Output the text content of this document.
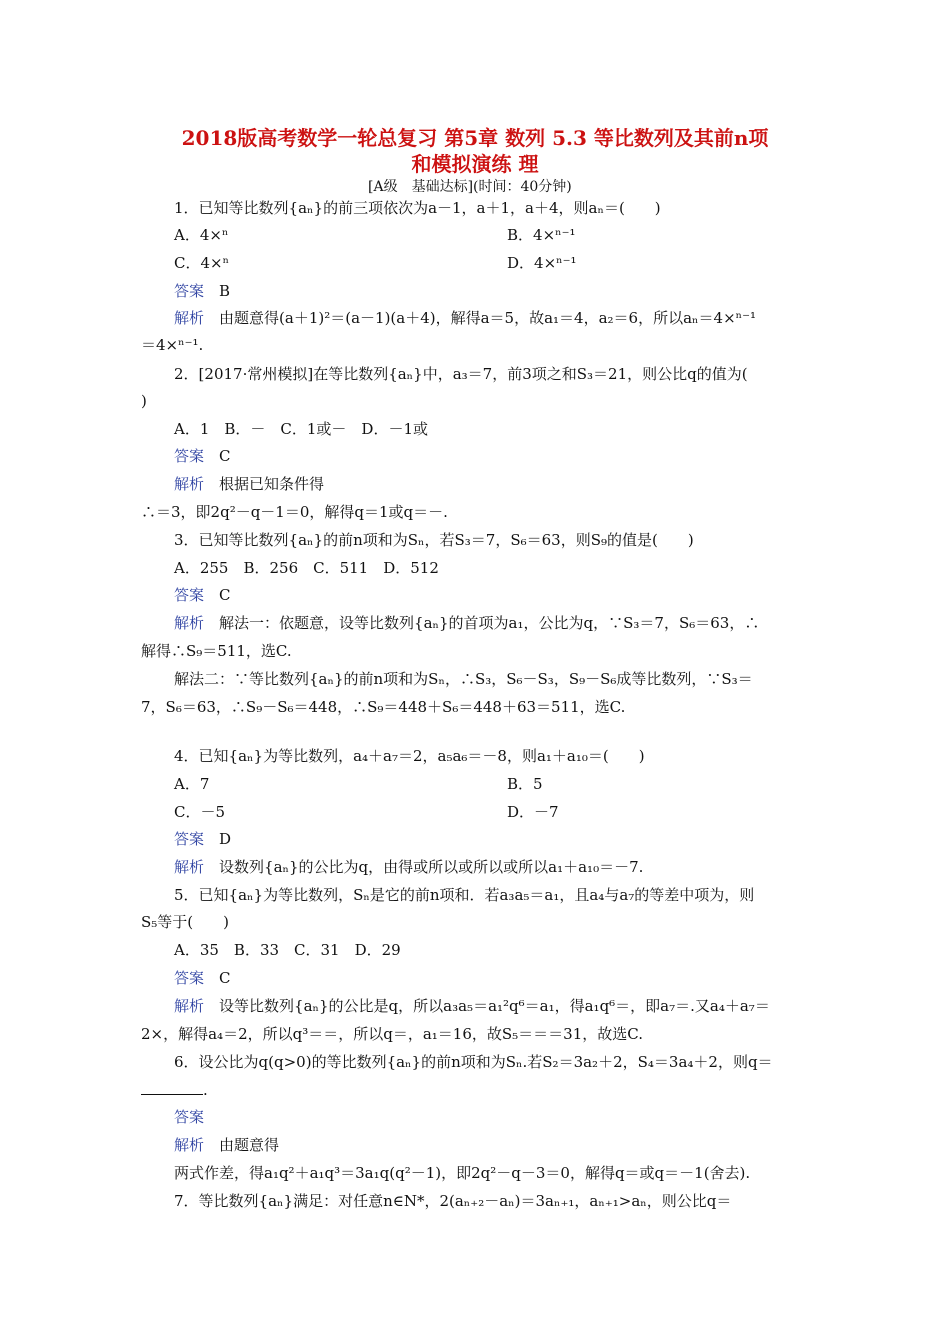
2018版高考数学一轮总复习 第5章 数列 5.3 等比数列及其前n项
和模拟演练 理
[A级　基础达标](时间：40分钟)
1．已知等比数列{aₙ}的前三项依次为a－1，a＋1，a＋4，则aₙ＝(　　)
A．4×ⁿ	B．4×ⁿ⁻¹
C．4×ⁿ	D．4×ⁿ⁻¹
答案　 B
解析　 由题意得(a＋1)²＝(a－1)(a＋4)，解得a＝5，故a₁＝4，a₂＝6，所以aₙ＝4×ⁿ⁻¹
＝4×ⁿ⁻¹.
2．[2017·常州模拟]在等比数列{aₙ}中，a₃＝7，前3项之和S₃＝21，则公比q的值为(
)
A．1　B．－　C．1或－　D．－1或
答案　 C
解析　 根据已知条件得
∴＝3，即2q²－q－1＝0，解得q＝1或q＝－.
3．已知等比数列{aₙ}的前n项和为Sₙ，若S₃＝7，S₆＝63，则S₉的值是(　　)
A．255　B．256　C．511　D．512
答案　 C
解析　 解法一：依题意，设等比数列{aₙ}的首项为a₁，公比为q，∵S₃＝7，S₆＝63，∴
解得∴S₉＝511，选C.
解法二：∵等比数列{aₙ}的前n项和为Sₙ，∴S₃，S₆－S₃，S₉－S₆成等比数列，∵S₃＝
7，S₆＝63，∴S₉－S₆＝448，∴S₉＝448＋S₆＝448＋63＝511，选C.
4．已知{aₙ}为等比数列，a₄＋a₇＝2，a₅a₆＝－8，则a₁＋a₁₀＝(　　)
A．7	B．5
C．－5	D．－7
答案　 D
解析　 设数列{aₙ}的公比为q，由得或所以或所以或所以a₁＋a₁₀＝－7.
5．已知{aₙ}为等比数列，Sₙ是它的前n项和．若a₃a₅＝a₁，且a₄与a₇的等差中项为，则
S₅等于(　　)
A．35　B．33　C．31　D．29
答案　 C
解析　 设等比数列{aₙ}的公比是q，所以a₃a₅＝a₁²q⁶＝a₁，得a₁q⁶＝，即a₇＝.又a₄＋a₇＝
2×，解得a₄＝2，所以q³＝＝，所以q＝，a₁＝16，故S₅＝＝＝31，故选C.
6．设公比为q(q>0)的等比数列{aₙ}的前n项和为Sₙ.若S₂＝3a₂＋2，S₄＝3a₄＋2，则q＝
.
答案
解析　 由题意得
两式作差，得a₁q²＋a₁q³＝3a₁q(q²－1)，即2q²－q－3＝0，解得q＝或q＝－1(舍去).
7．等比数列{aₙ}满足：对任意n∈N*，2(aₙ₊₂－aₙ)＝3aₙ₊₁，aₙ₊₁>aₙ，则公比q＝
